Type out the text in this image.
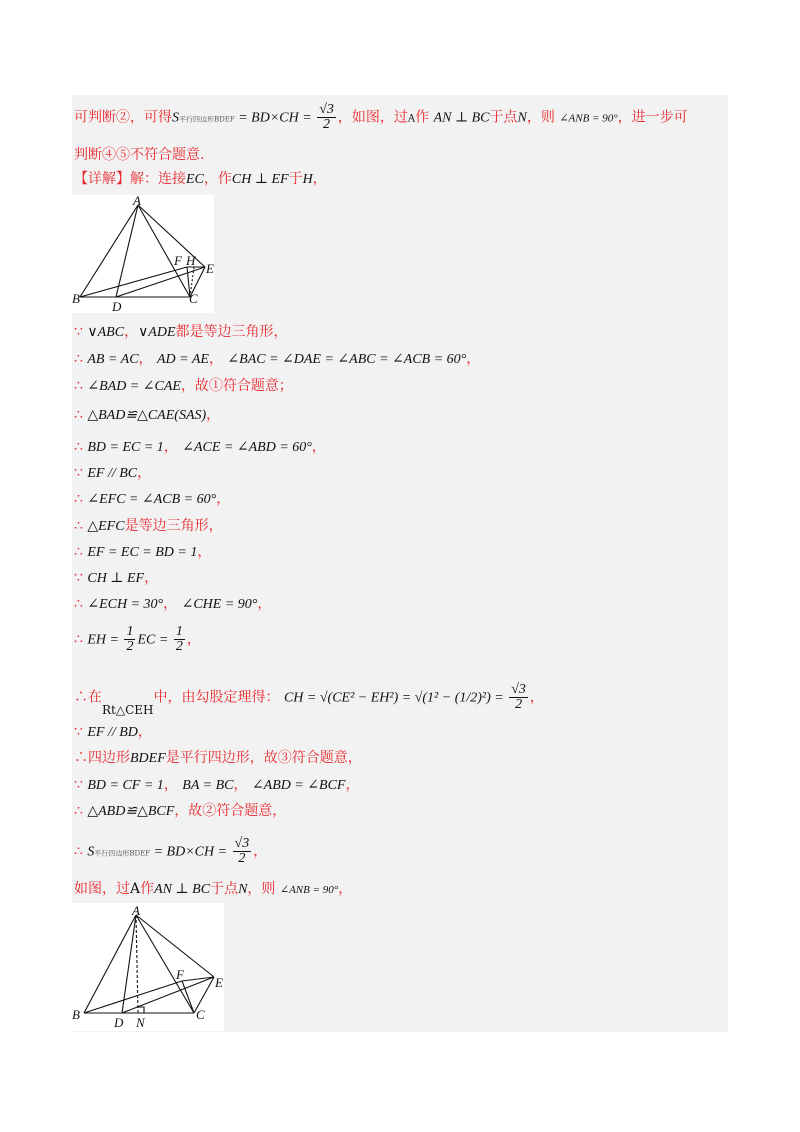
可判断②，可得S平行四边形BDEF = $BD\times CH = \frac{√3}{2}$ ，如图，过A作 AN ⊥ BC于点N，则 ∠ANB = 90°，进一步可
判断④⑤不符合题意.
【详解】解：连接EC，作CH ⊥ EF于H，
A
F H
E
B
D
C
∵ ∨ABC，∨ADE都是等边三角形，
∴ AB = AC， AD = AE， ∠BAC = ∠DAE = ∠ABC = ∠ACB = 60°，
∴ ∠BAD = ∠CAE，故①符合题意；
∴ △BAD≌△CAE(SAS)，
∴ BD = EC = 1， ∠ACE = ∠ABD = 60°，
∵ EF // BC，
∴ ∠EFC = ∠ACB = 60°，
∴ △EFC是等边三角形，
∴ EF = EC = BD = 1，
∵ CH ⊥ EF，
∴ ∠ECH = 30°， ∠CHE = 90°，
∴ EH = $\frac{1}{2}$ EC = $\frac{1}{2}$ ，
∴在Rt△CEH中，由勾股定理得： CH = $√(CE^2 - EH^2) = √(1^2 - (1/2)^2) = \frac{√3}{2}$ ，
∵ EF // BD，
∴四边形BDEF是平行四边形，故③符合题意，
∵ BD = CF = 1， BA = BC， ∠ABD = ∠BCF，
∴ △ABD≌△BCF，故②符合题意，
∴ S平行四边形BDEF = $BD\times CH = \frac{√3}{2}$ ，
如图，过A作AN ⊥ BC于点N，则 ∠ANB = 90°，
A
F
E
B
D N
C
